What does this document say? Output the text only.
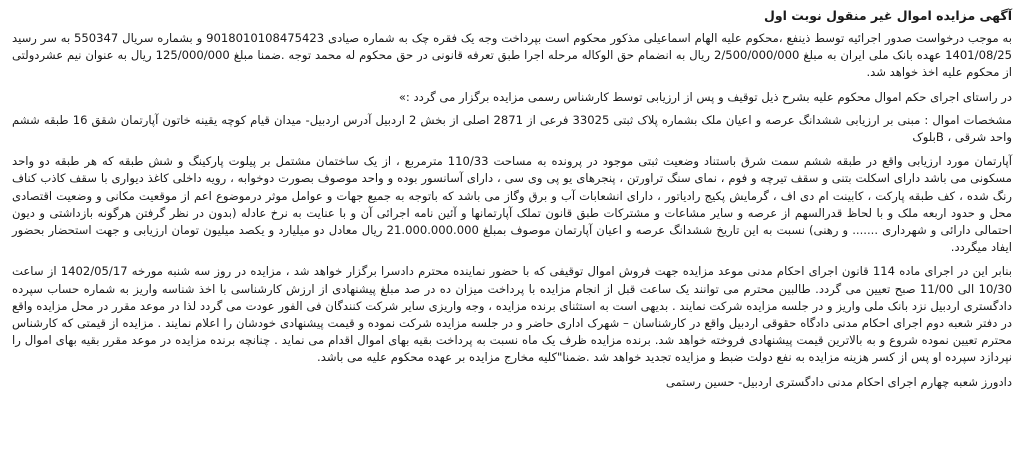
آگهی مزایده اموال غیر منقول نوبت اول

به موجب درخواست صدور اجرائیه توسط ذینفع ،محکوم علیه الهام اسماعیلی مذکور محکوم است بپرداخت وجه یک فقره چک به شماره صیادی 9018010108475423 و بشماره سریال 550347 به سر رسید 1401/08/25 عهده بانک ملی ایران به مبلغ 2/500/000/000 ریال به انضمام حق الوکاله مرحله اجرا طبق تعرفه قانونی در حق محکوم له محمد توجه .ضمنا مبلغ 125/000/000 ریال به عنوان نیم عشردولتی از محکوم علیه اخذ خواهد شد.

در راستای اجرای حکم اموال محکوم علیه بشرح ذیل توقیف و پس از ارزیابی توسط کارشناس رسمی مزایده برگزار می گردد :»

مشخصات اموال : مبنی بر ارزیابی ششدانگ عرصه و اعیان ملک بشماره پلاک ثبتی 33025 فرعی از 2871 اصلی از بخش 2 اردبیل آدرس اردبیل- میدان قیام کوچه یقینه خاتون آپارتمان شقق 16 طبقه ششم واحد شرقی ، Bبلوک

آپارتمان مورد ارزیابی واقع در طبقه ششم سمت شرق باستناد وضعیت ثبتی موجود در پرونده به مساحت 110/33 مترمربع ، از یک ساختمان مشتمل بر پیلوت پارکینگ و شش طبقه که هر طبقه دو واحد مسکونی می باشد دارای اسکلت بتنی و سقف تیرچه و فوم ، نمای سنگ تراورتن ، پنجرهای یو پی وی سی ، دارای آسانسور بوده و واحد موصوف بصورت دوخوابه ، رویه داخلی کاغذ دیواری با سقف کاذب کناف رنگ شده ، کف طبقه پارکت ، کابینت ام دی اف ، گرمایش پکیج رادیاتور ، دارای انشعابات آب و برق وگاز می باشد که باتوجه به جمیع جهات و عوامل موثر درموضوع اعم از موقعیت مکانی و وضعیت اقتصادی محل و حدود اربعه ملک و با لحاظ قدرالسهم از عرصه و سایر مشاعات و مشترکات طبق قانون تملک آپارتمانها و آئین نامه اجرائی آن و با عنایت به نرخ عادله (بدون در نظر گرفتن هرگونه بازداشتی و دیون احتمالی دارائی و شهرداری ....... و رهنی) نسبت به این تاریخ ششدانگ عرصه و اعیان آپارتمان موصوف بمبلغ 21.000.000.000 ریال معادل دو میلیارد و یکصد میلیون تومان ارزیابی و جهت استحضار بحضور ایفاد میگردد.

بنابر این در اجرای ماده 114 قانون اجرای احکام مدنی موعد مزایده جهت فروش اموال توقیفی که با حضور نماینده محترم دادسرا برگزار خواهد شد ، مزایده در روز سه شنبه مورخه 1402/05/17 از ساعت 10/30 الی 11/00 صبح تعیین می گردد. طالبین محترم می توانند یک ساعت قبل از انجام مزایده با پرداخت میزان ده در صد مبلغ پیشنهادی از ارزش کارشناسی با اخذ شناسه واریز به شماره حساب سپرده دادگستری اردبیل نزد بانک ملی واریز و در جلسه مزایده شرکت نمایند . بدیهی است به استثنای برنده مزایده ، وجه واریزی سایر شرکت کنندگان فی الفور عودت می گردد لذا در موعد مقرر در محل مزایده واقع در دفتر شعبه دوم اجرای احکام مدنی دادگاه حقوقی اردبیل واقع در کارشناسان – شهرک اداری حاضر و در جلسه مزایده شرکت نموده و قیمت پیشنهادی خودشان را اعلام نمایند . مزایده از قیمتی که کارشناس محترم تعیین نموده شروع و به بالاترین قیمت پیشنهادی فروخته خواهد شد. برنده مزایده ظرف یک ماه نسبت به پرداخت بقیه بهای اموال اقدام می نماید . چنانچه برنده مزایده در موعد مقرر بقیه بهای اموال را نپردازد سپرده او پس از کسر هزینه مزایده به نفع دولت ضبط و مزایده تجدید خواهد شد .ضمنا"کلیه مخارج مزایده بر عهده محکوم علیه می باشد.

دادورز شعبه چهارم اجرای احکام مدنی دادگستری اردبیل- حسین رستمی
